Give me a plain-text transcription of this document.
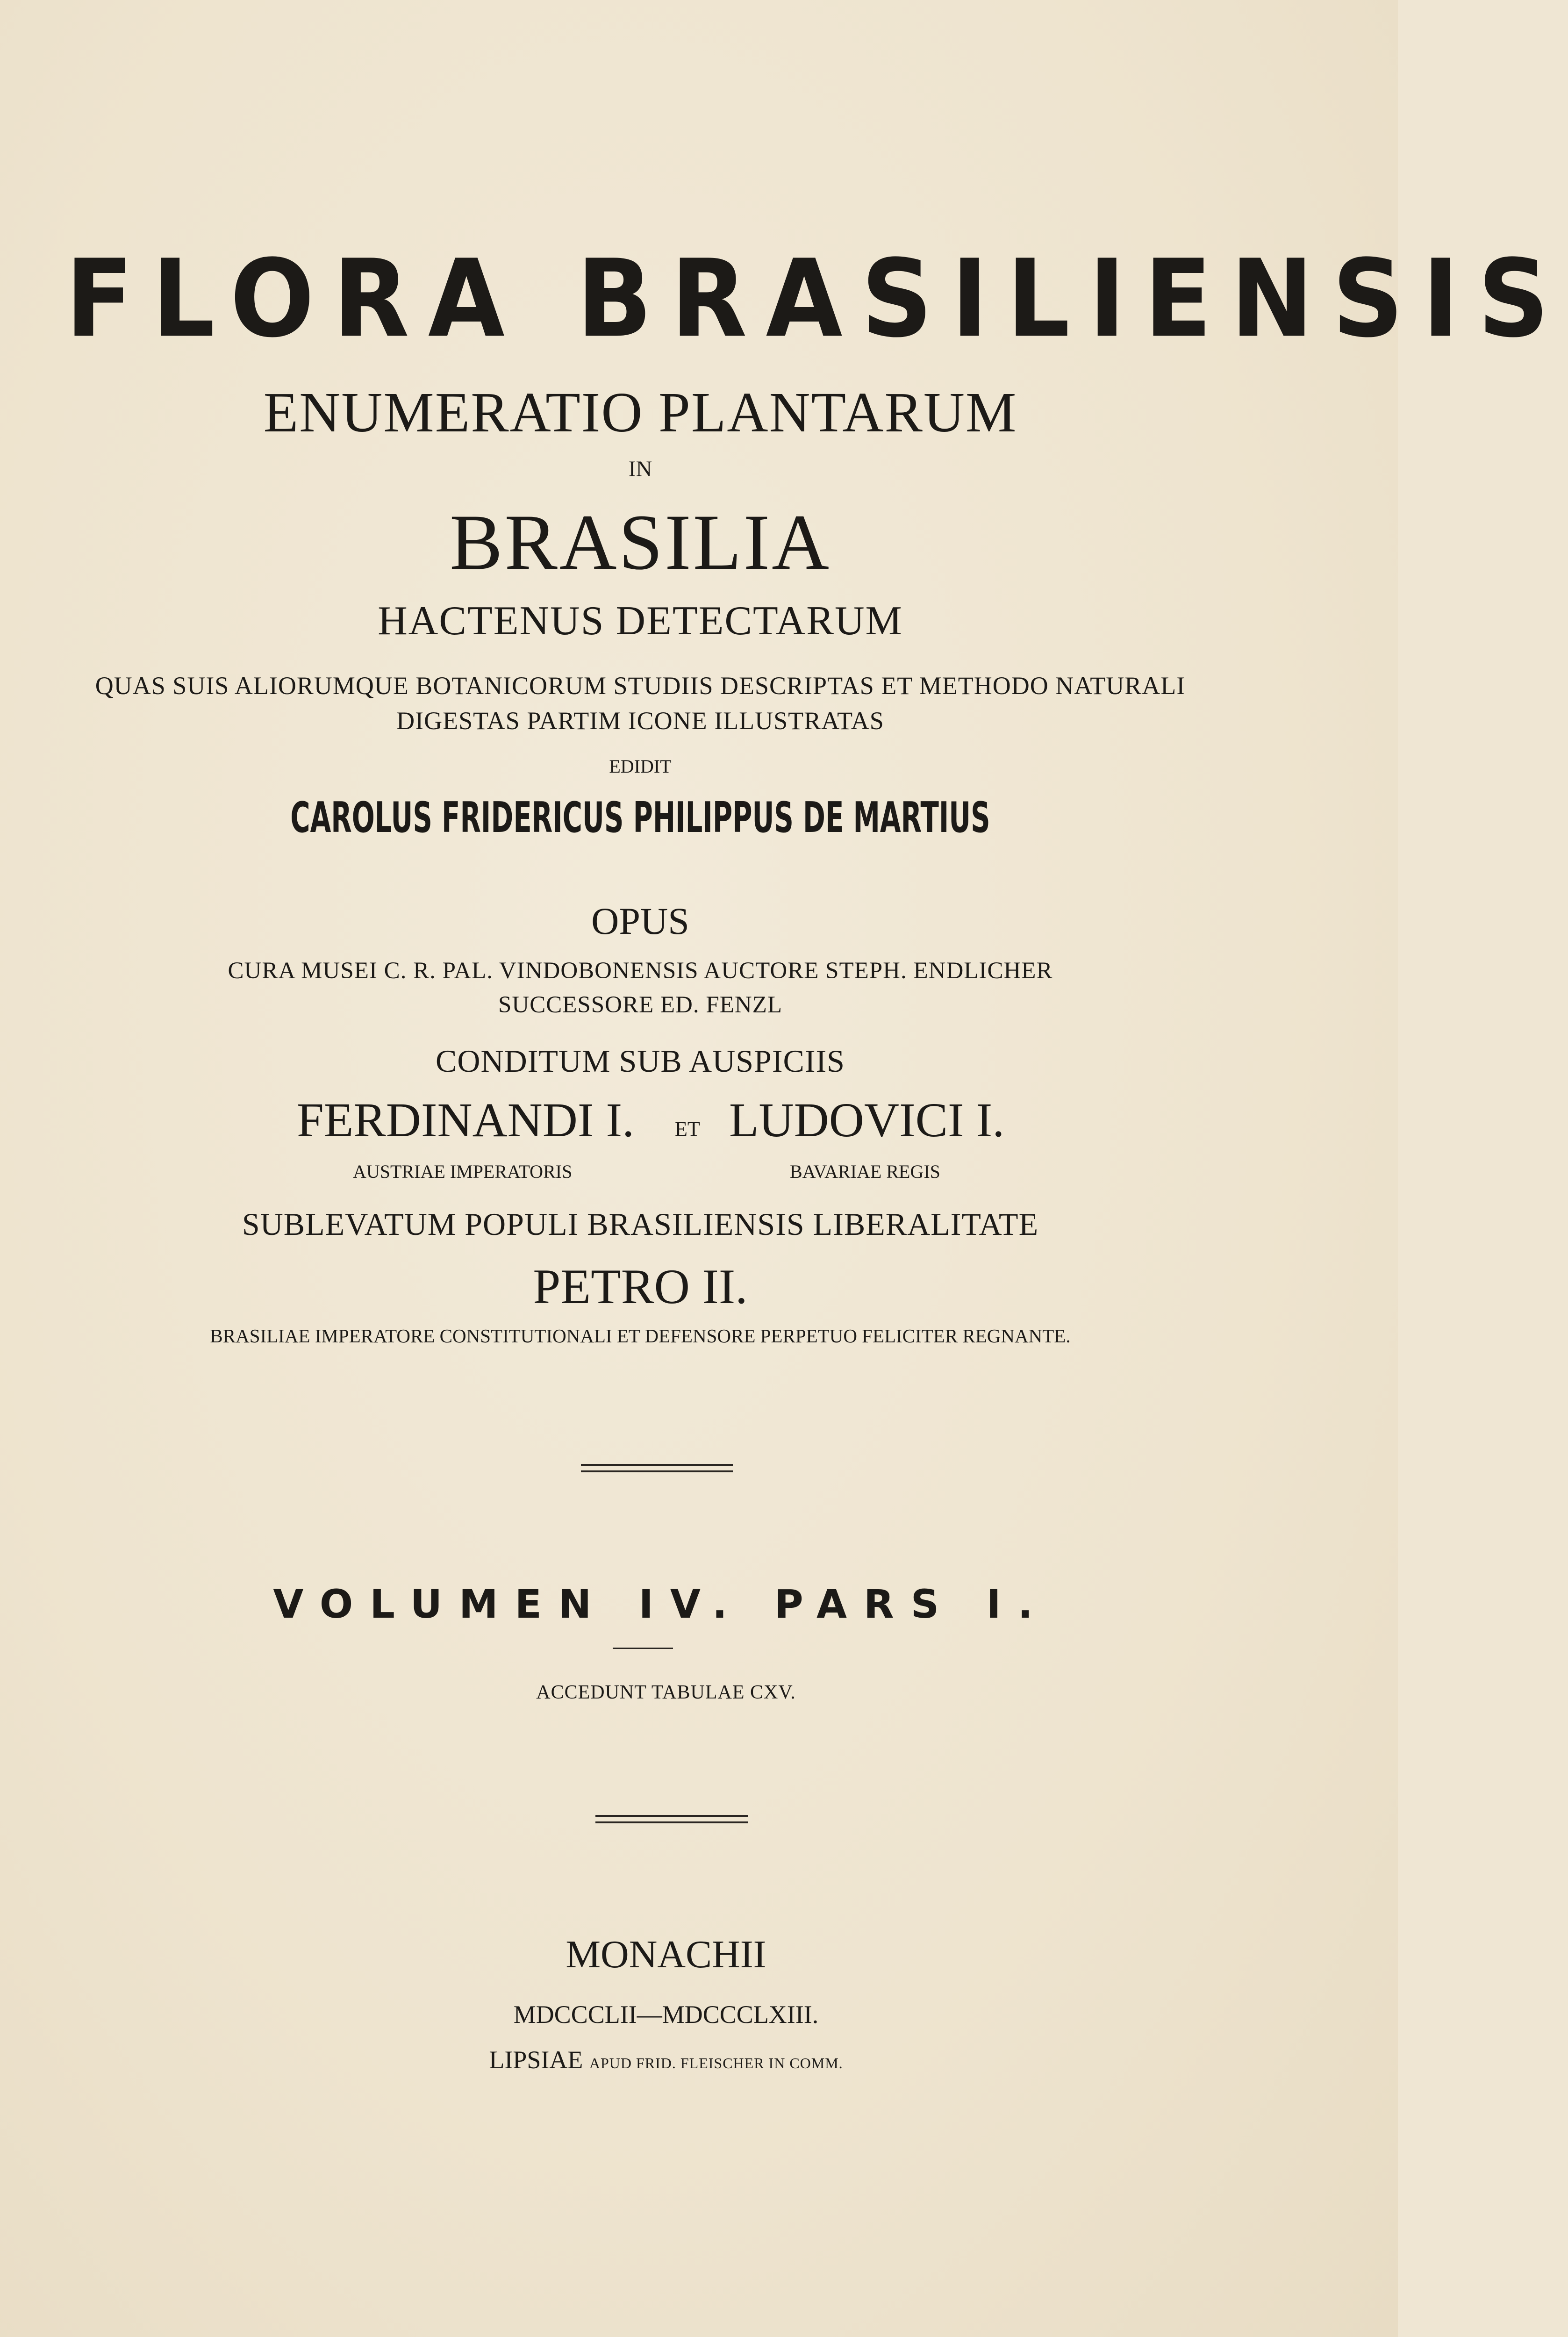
FLORA BRASILIENSIS
ENUMERATIO PLANTARUM
IN
BRASILIA
HACTENUS DETECTARUM
QUAS SUIS ALIORUMQUE BOTANICORUM STUDIIS DESCRIPTAS ET METHODO NATURALI
DIGESTAS PARTIM ICONE ILLUSTRATAS
EDIDIT
CAROLUS FRIDERICUS PHILIPPUS DE MARTIUS
OPUS
CURA MUSEI C. R. PAL. VINDOBONENSIS AUCTORE STEPH. ENDLICHER
SUCCESSORE ED. FENZL
CONDITUM SUB AUSPICIIS
FERDINANDI I. ET LUDOVICI I.
AUSTRIAE IMPERATORIS	BAVARIAE REGIS
SUBLEVATUM POPULI BRASILIENSIS LIBERALITATE
PETRO II.
BRASILIAE IMPERATORE CONSTITUTIONALI ET DEFENSORE PERPETUO FELICITER REGNANTE.
VOLUMEN IV. PARS I.
ACCEDUNT TABULAE CXV.
MONACHII
MDCCCLII—MDCCCLXIII.
LIPSIAE APUD FRID. FLEISCHER IN COMM.
